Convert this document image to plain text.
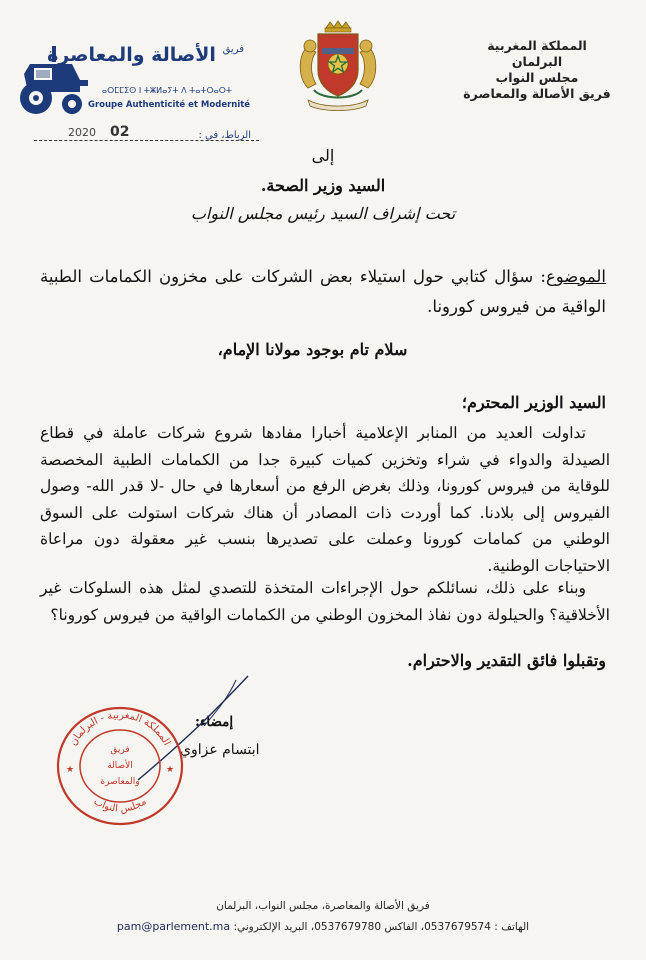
المملكة المغربية
البرلمان
مجلس النواب
فريق الأصالة والمعاصرة
$^{فريق}$ الأصالة والمعاصرة
ⴰⵔⵎⵎⵉⵙ ⵏ ⵜⵥⵍⴰⵢⵜ ⴷ ⵜⴰⵜⵔⴰⵔⵜ
Groupe Authenticité et Modernité
2020 02	الرباط، في :
إلى
السيد وزير الصحة.
تحت إشراف السيد رئيس مجلس النواب
الموضوع: سؤال كتابي حول استيلاء بعض الشركات على مخزون الكمامات الطبية الواقية من فيروس كورونا.
سلام تام بوجود مولانا الإمام،
السيد الوزير المحترم؛
تداولت العديد من المنابر الإعلامية أخبارا مفادها شروع شركات عاملة في قطاع الصيدلة والدواء في شراء وتخزين كميات كبيرة جدا من الكمامات الطبية المخصصة للوقاية من فيروس كورونا، وذلك بغرض الرفع من أسعارها في حال -لا قدر الله- وصول الفيروس إلى بلادنا. كما أوردت ذات المصادر أن هناك شركات استولت على السوق الوطني من كمامات كورونا وعملت على تصديرها بنسب غير معقولة دون مراعاة الاحتياجات الوطنية.
وبناء على ذلك، نسائلكم حول الإجراءات المتخذة للتصدي لمثل هذه السلوكات غير الأخلاقية؟ والحيلولة دون نفاذ المخزون الوطني من الكمامات الواقية من فيروس كورونا؟
وتقبلوا فائق التقدير والاحترام.
إمضاء:
ابتسام عزاوي
المملكة المغربية - البرلمان
مجلس النواب
فريق
الأصالة
والمعاصرة
★	★
فريق الأصالة والمعاصرة، مجلس النواب، البرلمان
الهاتف : 0537679574، الفاكس 0537679780، البريد الإلكتروني: pam@parlement.ma
